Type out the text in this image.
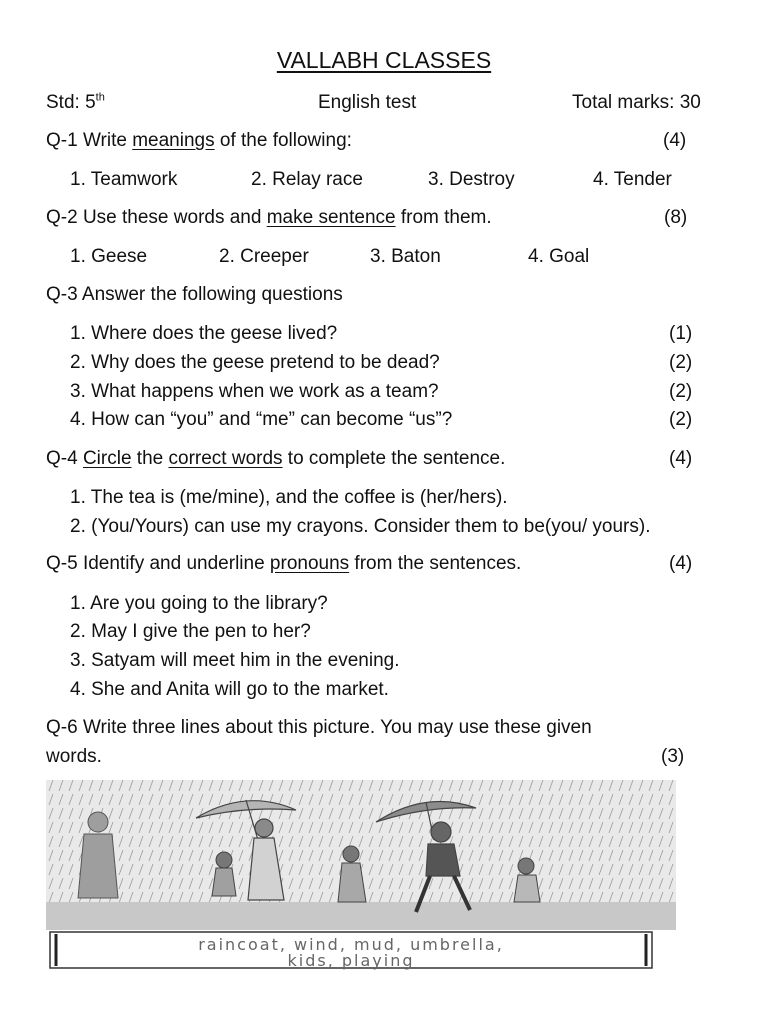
VALLABH CLASSES
Std: 5th	English test	Total marks: 30
Q-1 Write meanings of the following:	(4)
1. Teamwork	2. Relay race	3. Destroy	4. Tender
Q-2 Use these words and make sentence from them.	(8)
1. Geese	2. Creeper	3. Baton	4. Goal
Q-3 Answer the following questions
1. Where does the geese lived?	(1)
2. Why does the geese pretend to be dead?	(2)
3. What happens when we work as a team?	(2)
4. How can “you” and “me” can become “us”?	(2)
Q-4 Circle the correct words to complete the sentence.	(4)
1. The tea is (me/mine), and the coffee is (her/hers).
2. (You/Yours) can use my crayons. Consider them to be(you/ yours).
Q-5 Identify and underline pronouns from the sentences.	(4)
1. Are you going to the library?
2. May I give the pen to her?
3. Satyam will meet him in the evening.
4. She and Anita will go to the market.
Q-6 Write three lines about this picture. You may use these given
words.	(3)
raincoat, wind, mud, umbrella,
kids, playing
